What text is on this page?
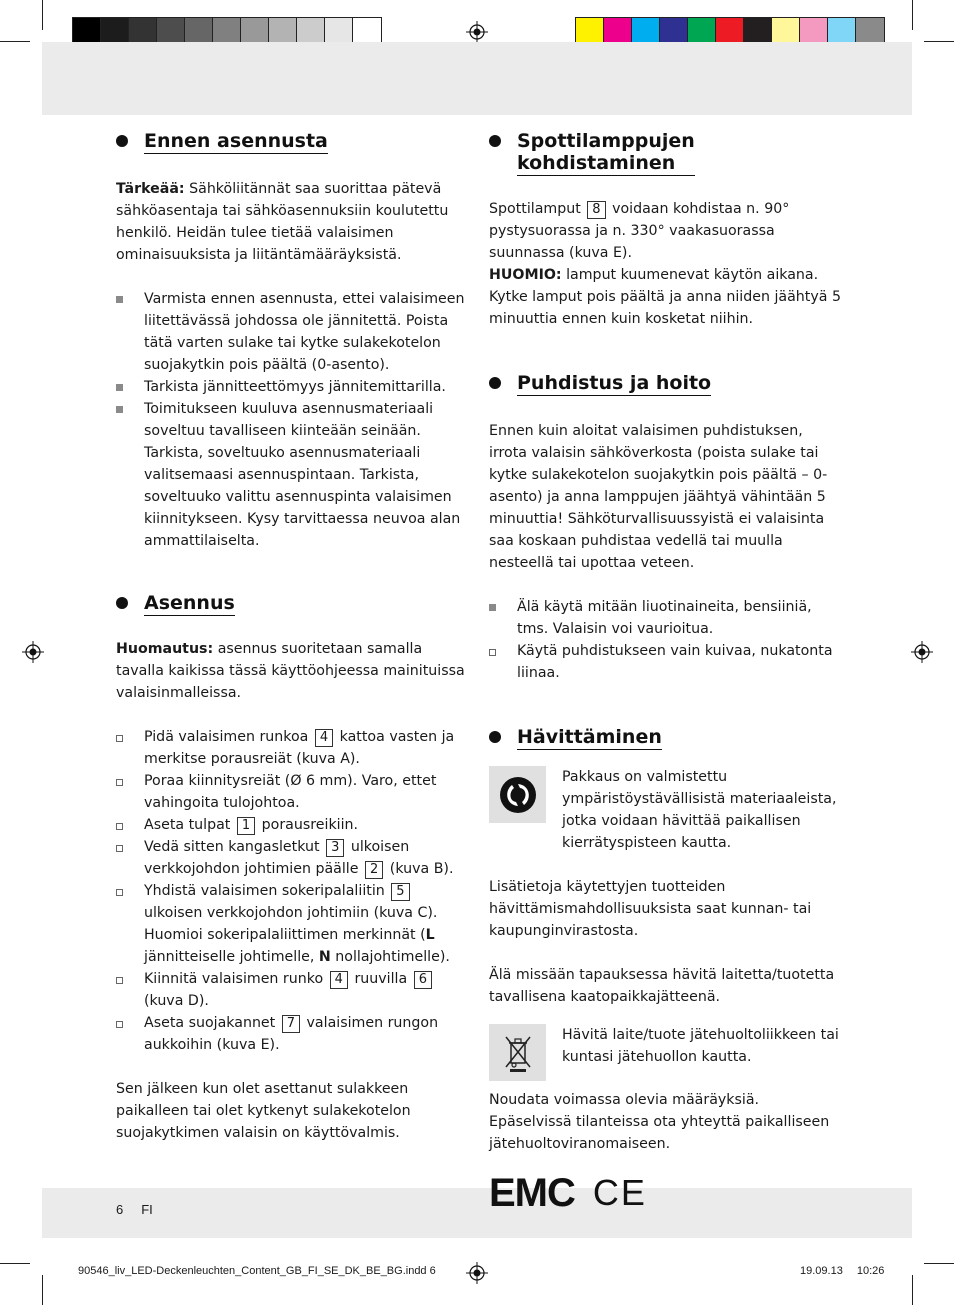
Ennen asennusta

Tärkeää: Sähköliitännät saa suorittaa pätevä sähköasentaja tai sähköasennuksiin koulutettu henkilö. Heidän tulee tietää valaisimen ominaisuuksista ja liitäntämääräyksistä.

Varmista ennen asennusta, ettei valaisimeen liitettävässä johdossa ole jännitettä. Poista tätä varten sulake tai kytke sulakekotelon suojakytkin pois päältä (0-asento).
Tarkista jännitteettömyys jännitemittarilla.
Toimitukseen kuuluva asennusmateriaali soveltuu tavalliseen kiinteään seinään. Tarkista, soveltuuko asennusmateriaali valitsemaasi asennuspintaan. Tarkista, soveltuuko valittu asennuspinta valaisimen kiinnitykseen. Kysy tarvittaessa neuvoa alan ammattilaiselta.
Asennus

Huomautus: asennus suoritetaan samalla tavalla kaikissa tässä käyttöohjeessa mainituissa valaisinmalleissa.

Pidä valaisimen runkoa 4 kattoa vasten ja merkitse porausreiät (kuva A).
Poraa kiinnitysreiät (Ø 6 mm). Varo, ettet vahingoita tulojohtoa.
Aseta tulpat 1 porausreikiin.
Vedä sitten kangasletkut 3 ulkoisen verkkojohdon johtimien päälle 2 (kuva B).
Yhdistä valaisimen sokeripalaliitin 5 ulkoisen verkkojohdon johtimiin (kuva C). Huomioi sokeripalaliittimen merkinnät (L jännitteiselle johtimelle, N nollajohtimelle).
Kiinnitä valaisimen runko 4 ruuvilla 6 (kuva D).
Aseta suojakannet 7 valaisimen rungon aukkoihin (kuva E).

Sen jälkeen kun olet asettanut sulakkeen paikalleen tai olet kytkenyt sulakekotelon suojakytkimen valaisin on käyttövalmis.

Spottilamppujen
kohdistaminen

Spottilamput 8 voidaan kohdistaa n. 90° pystysuorassa ja n. 330° vaakasuorassa suunnassa (kuva E).
HUOMIO: lamput kuumenevat käytön aikana. Kytke lamput pois päältä ja anna niiden jäähtyä 5 minuuttia ennen kuin kosketat niihin.

Puhdistus ja hoito

Ennen kuin aloitat valaisimen puhdistuksen, irrota valaisin sähköverkosta (poista sulake tai kytke sulakekotelon suojakytkin pois päältä – 0-asento) ja anna lamppujen jäähtyä vähintään 5 minuuttia! Sähköturvallisuussyistä ei valaisinta saa koskaan puhdistaa vedellä tai muulla nesteellä tai upottaa veteen.

Älä käytä mitään liuotinaineita, bensiiniä, tms. Valaisin voi vaurioitua.
Käytä puhdistukseen vain kuivaa, nukatonta liinaa.
Hävittäminen

Pakkaus on valmistettu ympäristöystävällisistä materiaaleista, jotka voidaan hävittää paikallisen kierrätyspisteen kautta.

Lisätietoja käytettyjen tuotteiden hävittämismahdollisuuksista saat kunnan- tai kaupunginvirastosta.

Älä missään tapauksessa hävitä laitetta/tuotetta tavallisena kaatopaikkajätteenä.

Hävitä laite/tuote jätehuoltoliikkeen tai kuntasi jätehuollon kautta.

Noudata voimassa olevia määräyksiä. Epäselvissä tilanteissa ota yhteyttä paikalliseen jätehuoltoviranomaiseen.

EMC CE
6 FI
90546_liv_LED-Deckenleuchten_Content_GB_FI_SE_DK_BE_BG.indd 6	19.09.13 10:26
